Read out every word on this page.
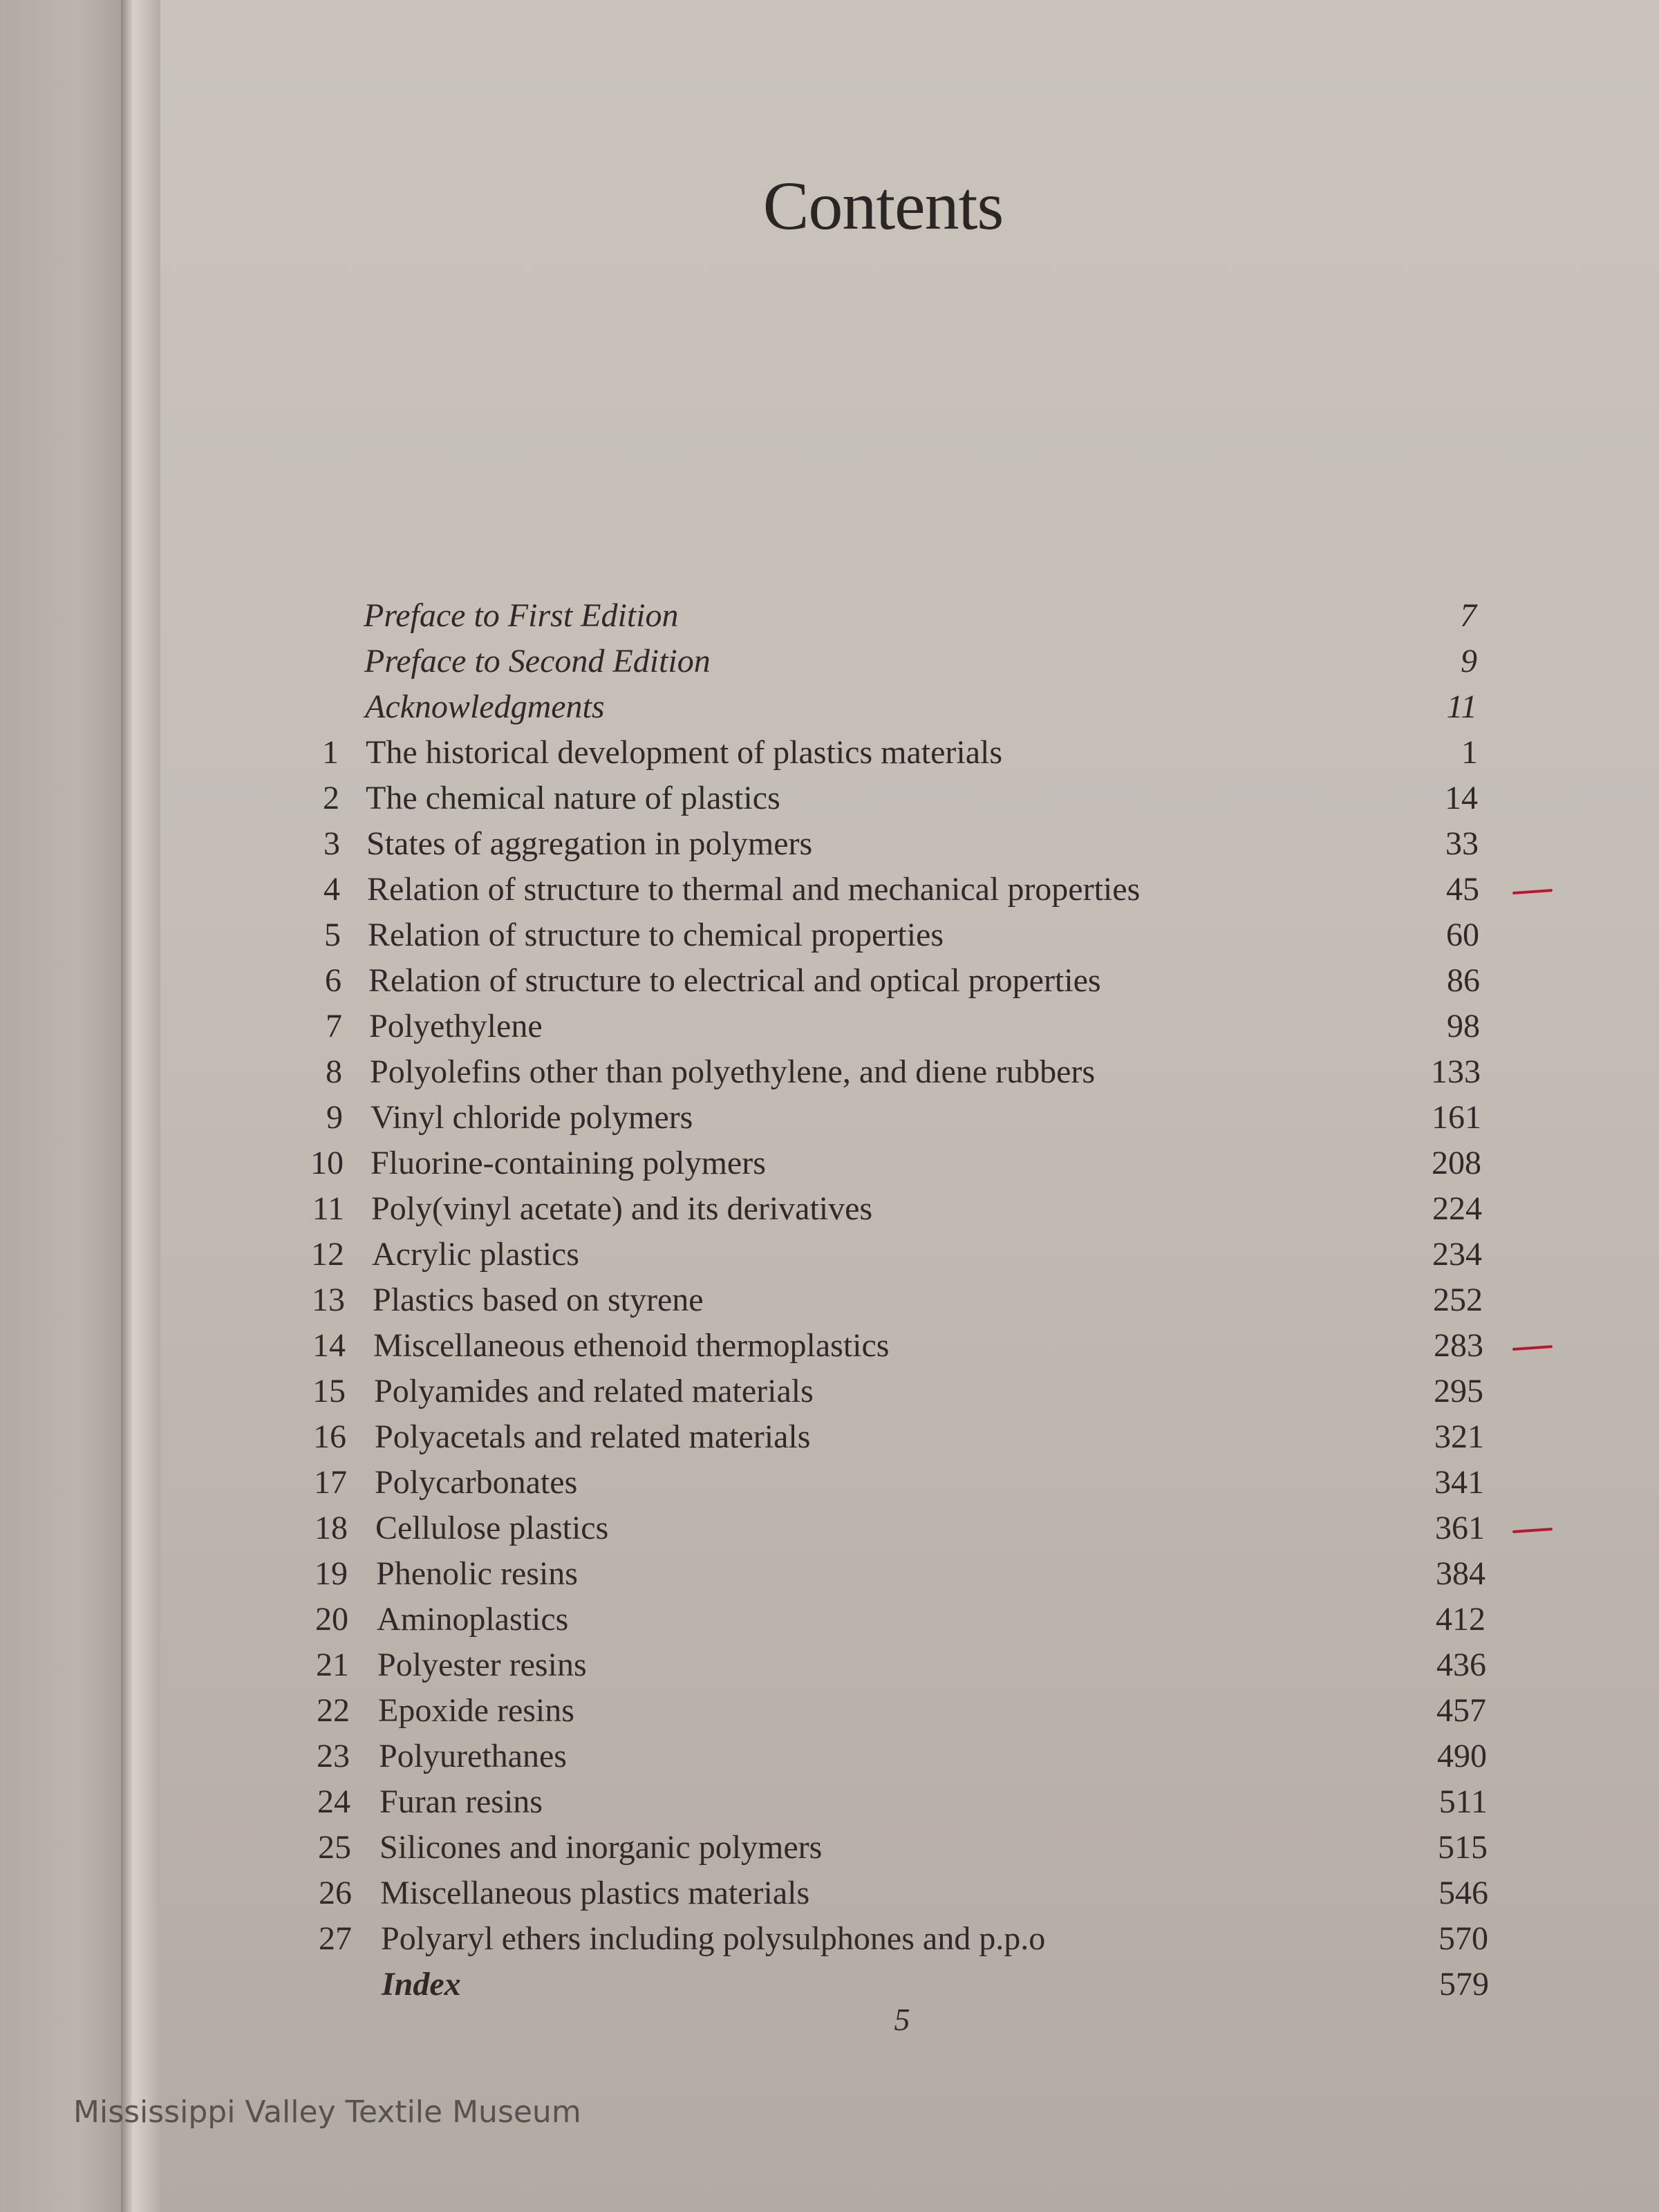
Contents
Preface to First Edition	7
Preface to Second Edition	9
Acknowledgments	11
1 The historical development of plastics materials	1
2 The chemical nature of plastics	14
3 States of aggregation in polymers	33
4 Relation of structure to thermal and mechanical properties	45
5 Relation of structure to chemical properties	60
6 Relation of structure to electrical and optical properties	86
7 Polyethylene	98
8 Polyolefins other than polyethylene, and diene rubbers	133
9 Vinyl chloride polymers	161
10 Fluorine-containing polymers	208
11 Poly(vinyl acetate) and its derivatives	224
12 Acrylic plastics	234
13 Plastics based on styrene	252
14 Miscellaneous ethenoid thermoplastics	283
15 Polyamides and related materials	295
16 Polyacetals and related materials	321
17 Polycarbonates	341
18 Cellulose plastics	361
19 Phenolic resins	384
20 Aminoplastics	412
21 Polyester resins	436
22 Epoxide resins	457
23 Polyurethanes	490
24 Furan resins	511
25 Silicones and inorganic polymers	515
26 Miscellaneous plastics materials	546
27 Polyaryl ethers including polysulphones and p.p.o	570
Index	579
5
Mississippi Valley Textile Museum
